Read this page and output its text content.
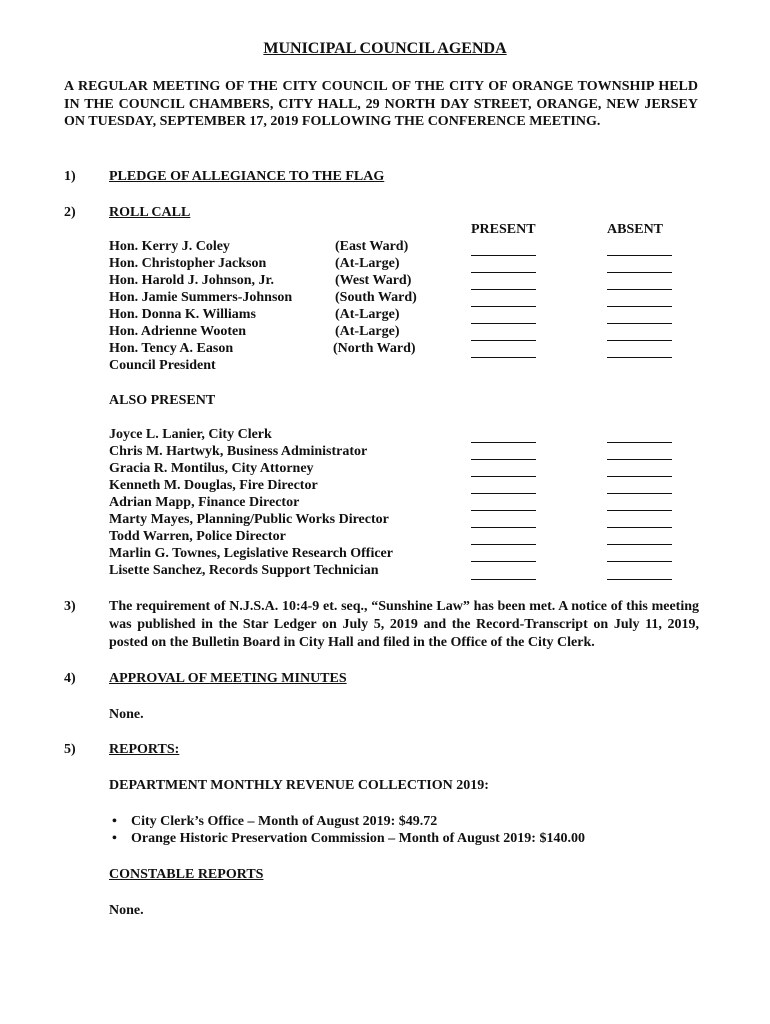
MUNICIPAL COUNCIL AGENDA
A REGULAR MEETING OF THE CITY COUNCIL OF THE CITY OF ORANGE TOWNSHIP HELD IN THE COUNCIL CHAMBERS, CITY HALL, 29 NORTH DAY STREET, ORANGE, NEW JERSEY ON TUESDAY, SEPTEMBER 17, 2019 FOLLOWING THE CONFERENCE MEETING.
1) PLEDGE OF ALLEGIANCE TO THE FLAG
2) ROLL CALL
PRESENT	ABSENT
Hon. Kerry J. Coley	(East Ward)
Hon. Christopher Jackson	(At-Large)
Hon. Harold J. Johnson, Jr.	(West Ward)
Hon. Jamie Summers-Johnson	(South Ward)
Hon. Donna K. Williams	(At-Large)
Hon. Adrienne Wooten	(At-Large)
Hon. Tency A. Eason	(North Ward)
Council President
ALSO PRESENT
Joyce L. Lanier, City Clerk
Chris M. Hartwyk, Business Administrator
Gracia R. Montilus, City Attorney
Kenneth M. Douglas, Fire Director
Adrian Mapp, Finance Director
Marty Mayes, Planning/Public Works Director
Todd Warren, Police Director
Marlin G. Townes, Legislative Research Officer
Lisette Sanchez, Records Support Technician
3) The requirement of N.J.S.A. 10:4-9 et. seq., “Sunshine Law” has been met. A notice of this meeting was published in the Star Ledger on July 5, 2019 and the Record-Transcript on July 11, 2019, posted on the Bulletin Board in City Hall and filed in the Office of the City Clerk.
4) APPROVAL OF MEETING MINUTES
None.
5) REPORTS:
DEPARTMENT MONTHLY REVENUE COLLECTION 2019:
• City Clerk’s Office – Month of August 2019: $49.72
• Orange Historic Preservation Commission – Month of August 2019: $140.00
CONSTABLE REPORTS
None.
